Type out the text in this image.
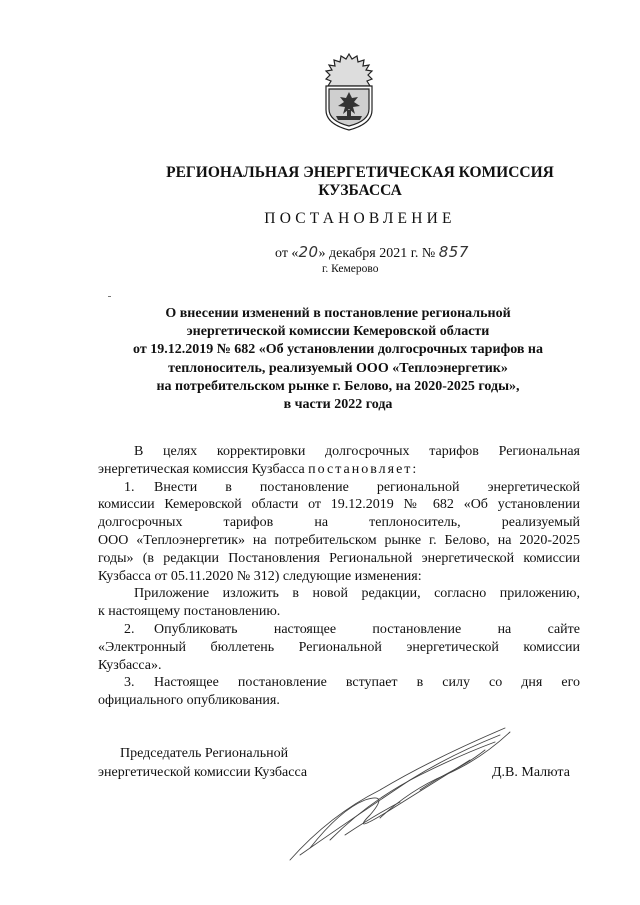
РЕГИОНАЛЬНАЯ ЭНЕРГЕТИЧЕСКАЯ КОМИССИЯ
КУЗБАССА
ПОСТАНОВЛЕНИЕ
от «20» декабря 2021 г. № 857
г. Кемерово
О внесении изменений в постановление региональной
энергетической комиссии Кемеровской области
от 19.12.2019 № 682 «Об установлении долгосрочных тарифов на
теплоноситель, реализуемый ООО «Теплоэнергетик»
на потребительском рынке г. Белово, на 2020-2025 годы»,
в части 2022 года
В целях корректировки долгосрочных тарифов Региональная
энергетическая комиссия Кузбасса постановляет:
1. Внести в постановление региональной энергетической
комиссии Кемеровской области от 19.12.2019 № 682 «Об установлении
долгосрочных тарифов на теплоноситель, реализуемый
ООО «Теплоэнергетик» на потребительском рынке г. Белово, на 2020-2025
годы» (в редакции Постановления Региональной энергетической комиссии
Кузбасса от 05.11.2020 № 312) следующие изменения:
Приложение изложить в новой редакции, согласно приложению,
к настоящему постановлению.
2. Опубликовать настоящее постановление на сайте
«Электронный бюллетень Региональной энергетической комиссии
Кузбасса».
3. Настоящее постановление вступает в силу со дня его
официального опубликования.
Председатель Региональной
энергетической комиссии Кузбасса	Д.В. Малюта
